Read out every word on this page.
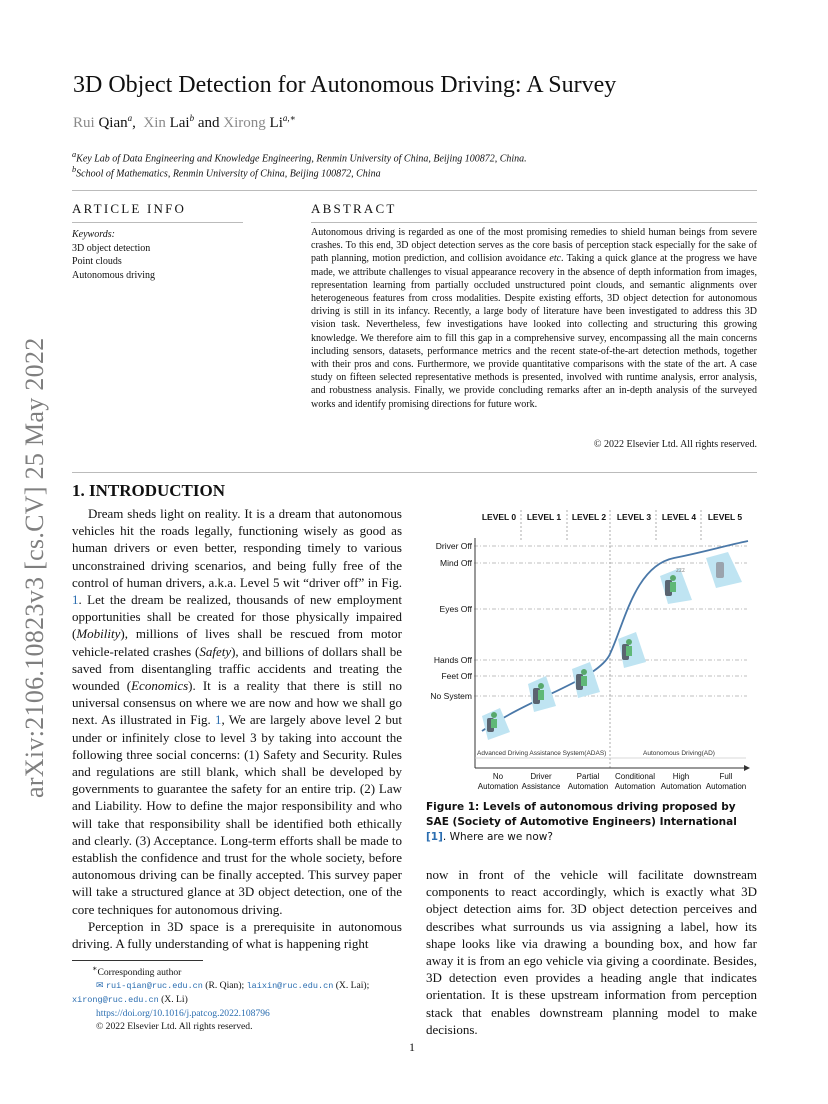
arXiv:2106.10823v3 [cs.CV] 25 May 2022
3D Object Detection for Autonomous Driving: A Survey
Rui Qian$^a$, Xin Lai$^b$ and Xirong $Li^{a,∗}$
$^a$Key Lab of Data Engineering and Knowledge Engineering, Renmin University of China, Beijing 100872, China.
$^b$School of Mathematics, Renmin University of China, Beijing 100872, China
ARTICLE INFO
Keywords:
3D object detection
Point clouds
Autonomous driving
ABSTRACT
Autonomous driving is regarded as one of the most promising remedies to shield human beings from severe crashes. To this end, 3D object detection serves as the core basis of perception stack especially for the sake of path planning, motion prediction, and collision avoidance etc. Taking a quick glance at the progress we have made, we attribute challenges to visual appearance recovery in the absence of depth information from images, representation learning from partially occluded unstructured point clouds, and semantic alignments over heterogeneous features from cross modalities. Despite existing efforts, 3D object detection for autonomous driving is still in its infancy. Recently, a large body of literature have been investigated to address this 3D vision task. Nevertheless, few investigations have looked into collecting and structuring this growing knowledge. We therefore aim to fill this gap in a comprehensive survey, encompassing all the main concerns including sensors, datasets, performance metrics and the recent state-of-the-art detection methods, together with their pros and cons. Furthermore, we provide quantitative comparisons with the state of the art. A case study on fifteen selected representative methods is presented, involved with runtime analysis, error analysis, and robustness analysis. Finally, we provide concluding remarks after an in-depth analysis of the surveyed works and identify promising directions for future work.
© 2022 Elsevier Ltd. All rights reserved.
1. INTRODUCTION

Dream sheds light on reality. It is a dream that autonomous vehicles hit the roads legally, functioning wisely as good as human drivers or even better, responding timely to various unconstrained driving scenarios, and being fully free of the control of human drivers, a.k.a. Level 5 wit “driver off” in Fig. 1. Let the dream be realized, thousands of new employment opportunities shall be created for those physically impaired (Mobility), millions of lives shall be rescued from motor vehicle-related crashes (Safety), and billions of dollars shall be saved from disentangling traffic accidents and treating the wounded (Economics). It is a reality that there is still no universal consensus on where we are now and how we shall go next. As illustrated in Fig. 1, We are largely above level 2 but under or infinitely close to level 3 by taking into account the following three social concerns: (1) Safety and Security. Rules and regulations are still blank, which shall be developed by governments to guarantee the safety for an entire trip. (2) Law and Liability. How to define the major responsibility and who will take that responsibility shall be identified both ethically and clearly. (3) Acceptance. Long-term efforts shall be made to establish the confidence and trust for the whole society, before autonomous driving can be finally accepted. This survey paper will take a structured glance at 3D object detection, one of the core techniques for autonomous driving.

Perception in 3D space is a prerequisite in autonomous driving. A fully understanding of what is happening right

∗Corresponding author
✉ rui-qian@ruc.edu.cn (R. Qian); laixin@ruc.edu.cn (X. Lai);
xirong@ruc.edu.cn (X. Li)
https://doi.org/10.1016/j.patcog.2022.108796
© 2022 Elsevier Ltd. All rights reserved.
1
zzz
LEVEL 0 LEVEL 1 LEVEL 2 LEVEL 3 LEVEL 4 LEVEL 5
Driver Off
Mind Off
Eyes Off
Hands Off
Feet Off
No System
Advanced Driving Assistance System(ADAS)	Autonomous Driving(AD)
No
Automation
Driver
Assistance
Partial
Automation
Conditional
Automation
High
Automation
Full
Automation
Figure 1: Levels of autonomous driving proposed by SAE (Society of Automotive Engineers) International [1]. Where are we now?

now in front of the vehicle will facilitate downstream components to react accordingly, which is exactly what 3D object detection aims for. 3D object detection perceives and describes what surrounds us via assigning a label, how its shape looks like via drawing a bounding box, and how far away it is from an ego vehicle via giving a coordinate. Besides, 3D detection even provides a heading angle that indicates orientation. It is these upstream information from perception stack that enables downstream planning model to make decisions.
